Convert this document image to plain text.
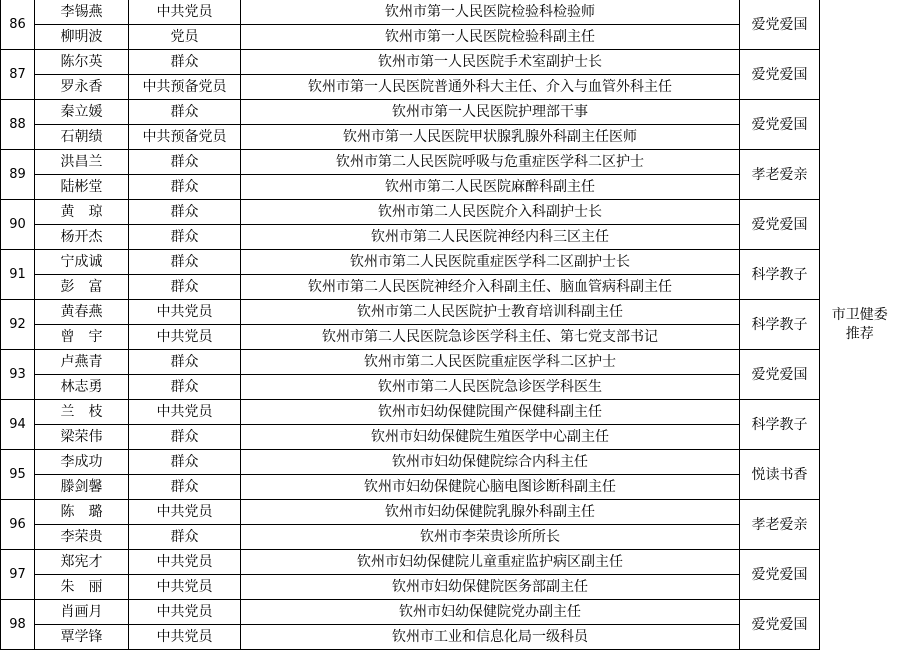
86	李锡燕	中共党员	钦州市第一人民医院检验科检验师	爱党爱国	市卫健委
推荐

	柳明波	党员	钦州市第一人民医院检验科副主任		
87	陈尔英	群众	钦州市第一人民医院手术室副护士长	爱党爱国	
	罗永香	中共预备党员	钦州市第一人民医院普通外科大主任、介入与血管外科主任		
88	秦立媛	群众	钦州市第一人民医院护理部干事	爱党爱国	
	石朝绩	中共预备党员	钦州市第一人民医院甲状腺乳腺外科副主任医师		
89	洪昌兰	群众	钦州市第二人民医院呼吸与危重症医学科二区护士	孝老爱亲	
	陆彬堂	群众	钦州市第二人民医院麻醉科副主任		
90	黄　琼	群众	钦州市第二人民医院介入科副护士长	爱党爱国	
	杨开杰	群众	钦州市第二人民医院神经内科三区主任		
91	宁成诚	群众	钦州市第二人民医院重症医学科二区副护士长	科学教子	
	彭　富	群众	钦州市第二人民医院神经介入科副主任、脑血管病科副主任		
92	黄春燕	中共党员	钦州市第二人民医院护士教育培训科副主任	科学教子	
	曾　宇	中共党员	钦州市第二人民医院急诊医学科主任、第七党支部书记		
93	卢燕青	群众	钦州市第二人民医院重症医学科二区护士	爱党爱国	
	林志勇	群众	钦州市第二人民医院急诊医学科医生		
94	兰　枝	中共党员	钦州市妇幼保健院围产保健科副主任	科学教子	
	梁荣伟	群众	钦州市妇幼保健院生殖医学中心副主任		
95	李成功	群众	钦州市妇幼保健院综合内科主任	悦读书香	
	滕剑馨	群众	钦州市妇幼保健院心脑电图诊断科副主任		
96	陈　璐	中共党员	钦州市妇幼保健院乳腺外科副主任	孝老爱亲	
	李荣贵	群众	钦州市李荣贵诊所所长		
97	郑宪才	中共党员	钦州市妇幼保健院儿童重症监护病区副主任	爱党爱国	
	朱　丽	中共党员	钦州市妇幼保健院医务部副主任		
98	肖画月	中共党员	钦州市妇幼保健院党办副主任	爱党爱国	
	覃学锋	中共党员	钦州市工业和信息化局一级科员		
